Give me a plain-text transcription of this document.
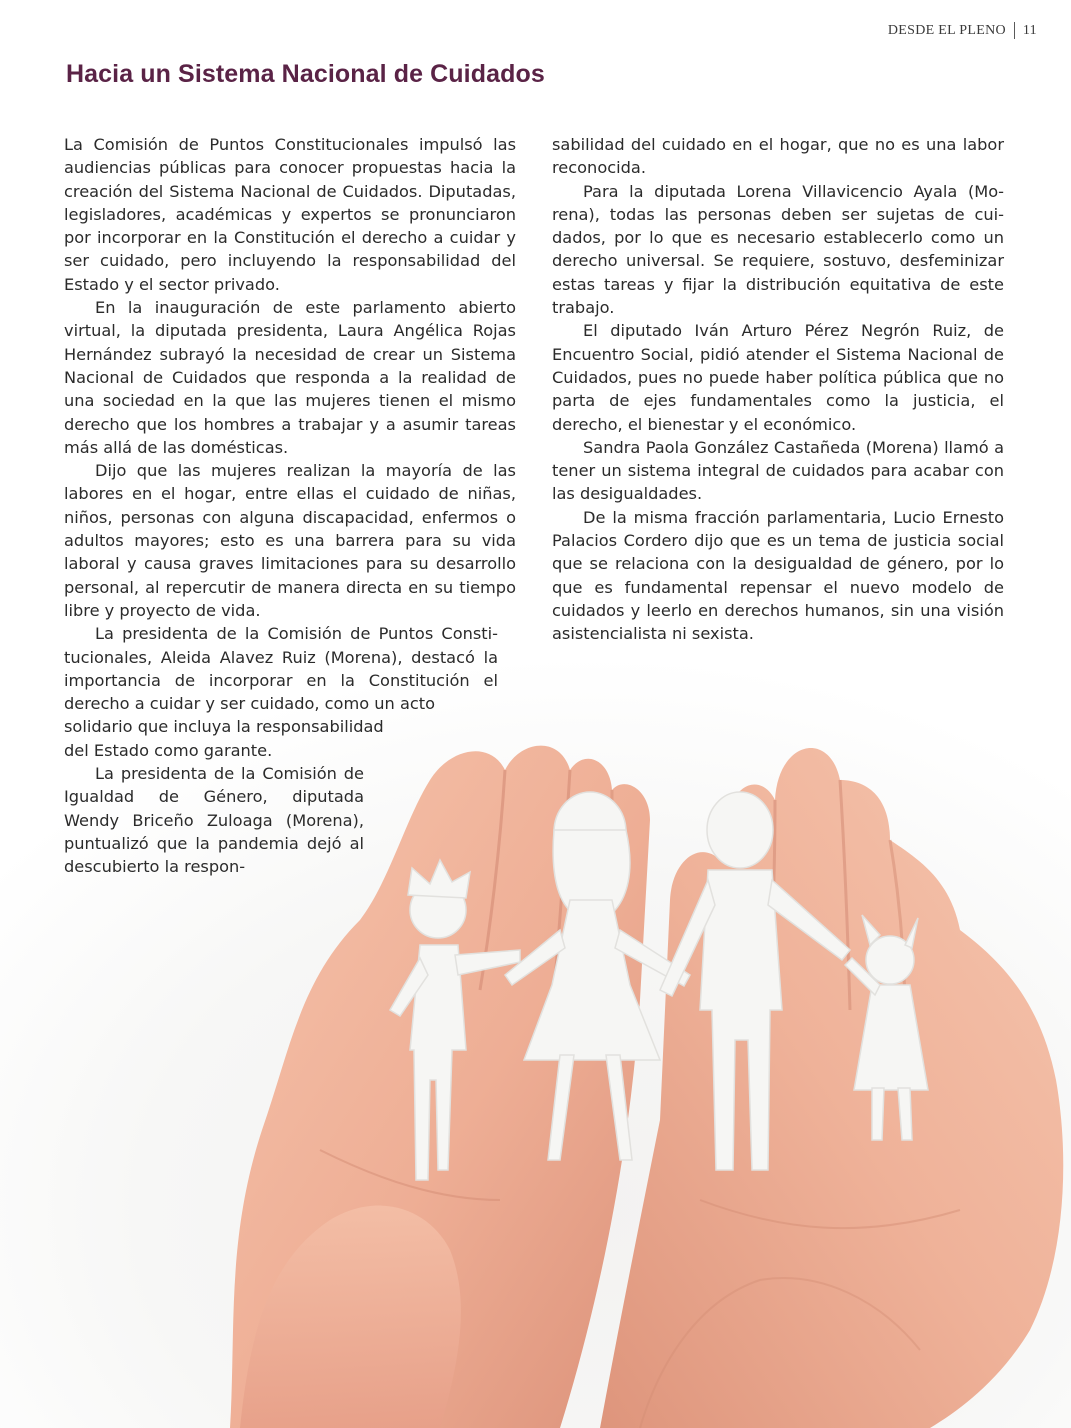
DESDE EL PLENO 11
Hacia un Sistema Nacional de Cuidados

La Comisión de Puntos Constitucionales impulsó las audiencias públicas para conocer propuestas hacia la creación del Sistema Nacional de Cuidados. Diputadas, legisladores, académicas y expertos se pronunciaron por incorporar en la Constitución el derecho a cuidar y ser cuidado, pero incluyendo la responsabilidad del Estado y el sector privado.

En la inauguración de este parlamento abierto virtual, la diputada presidenta, Laura Angélica Rojas Hernández subrayó la necesidad de crear un Sistema Nacional de Cuidados que responda a la realidad de una sociedad en la que las mujeres tienen el mismo derecho que los hombres a trabajar y a asumir tareas más allá de las domésticas.

Dijo que las mujeres realizan la mayoría de las labores en el hogar, entre ellas el cuidado de niñas, niños, personas con alguna discapacidad, enfermos o adultos mayores; esto es una barrera para su vida laboral y causa graves limitaciones para su desarrollo personal, al repercutir de manera directa en su tiempo libre y proyecto de vida.

La presidenta de la Comisión de Puntos Constitucionales, Aleida Alavez Ruiz (Morena), destacó la importancia de incorporar en la Constitución el derecho a cuidar y ser cuidado, como un acto

solidario que incluya la responsabilidad del Estado como garante.

La presidenta de la Comisión de Igualdad de Género, diputada Wendy Briceño Zuloaga (Morena), puntualizó que la pandemia dejó al descubierto la respon-

sabilidad del cuidado en el hogar, que no es una labor reconocida.

Para la diputada Lorena Villavicencio Ayala (Morena), todas las personas deben ser sujetas de cuidados, por lo que es necesario establecerlo como un derecho universal. Se requiere, sostuvo, desfeminizar estas tareas y fijar la distribución equitativa de este trabajo.

El diputado Iván Arturo Pérez Negrón Ruiz, de Encuentro Social, pidió atender el Sistema Nacional de Cuidados, pues no puede haber política pública que no parta de ejes fundamentales como la justicia, el derecho, el bienestar y el económico.

Sandra Paola González Castañeda (Morena) llamó a tener un sistema integral de cuidados para acabar con las desigualdades.

De la misma fracción parlamentaria, Lucio Ernesto Palacios Cordero dijo que es un tema de justicia social que se relaciona con la desigualdad de género, por lo que es fundamental repensar el nuevo modelo de cuidados y leerlo en derechos humanos, sin una visión asistencialista ni sexista.
